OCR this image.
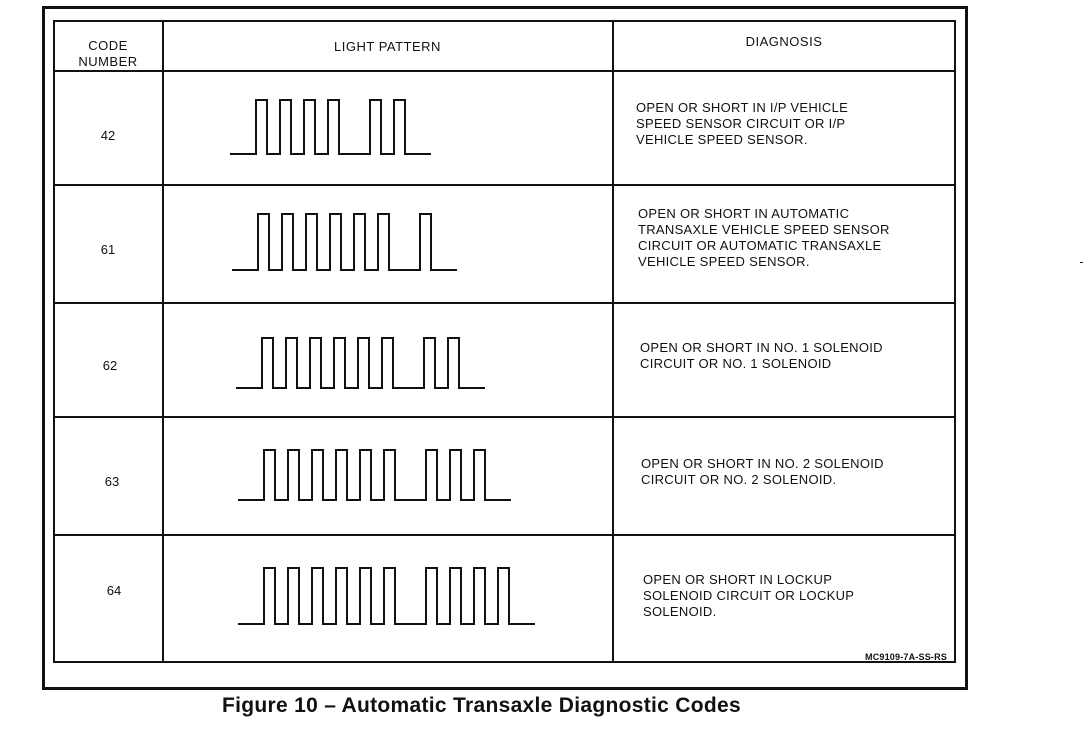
CODE
NUMBER
LIGHT PATTERN	DIAGNOSIS
42
OPEN OR SHORT IN I/P VEHICLE
SPEED SENSOR CIRCUIT OR I/P
VEHICLE SPEED SENSOR.
61
OPEN OR SHORT IN AUTOMATIC
TRANSAXLE VEHICLE SPEED SENSOR
CIRCUIT OR AUTOMATIC TRANSAXLE
VEHICLE SPEED SENSOR.
62
OPEN OR SHORT IN NO. 1 SOLENOID
CIRCUIT OR NO. 1 SOLENOID
63
OPEN OR SHORT IN NO. 2 SOLENOID
CIRCUIT OR NO. 2 SOLENOID.
64
OPEN OR SHORT IN LOCKUP
SOLENOID CIRCUIT OR LOCKUP
SOLENOID.
MC9109-7A-SS-RS
Figure 10 – Automatic Transaxle Diagnostic Codes
